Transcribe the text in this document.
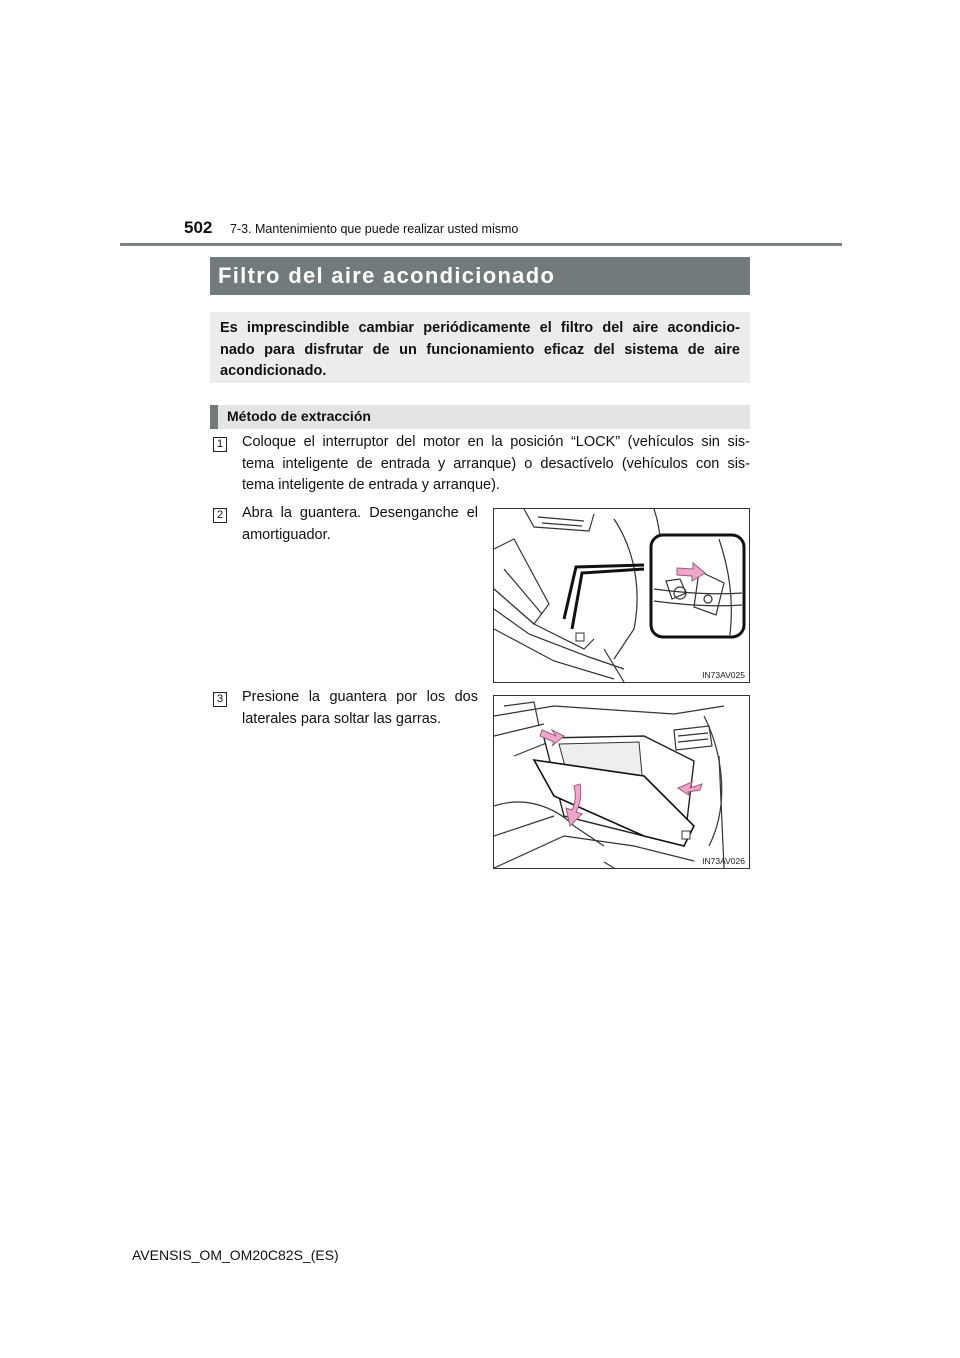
502 7-3. Mantenimiento que puede realizar usted mismo
Filtro del aire acondicionado

Es imprescindible cambiar periódicamente el filtro del aire acondicio-

nado para disfrutar de un funcionamiento eficaz del sistema de aire

acondicionado.

Método de extracción
1 Coloque el interruptor del motor en la posición “LOCK” (vehículos sin sis-

tema inteligente de entrada y arranque) o desactívelo (vehículos con sis-

tema inteligente de entrada y arranque).

2 Abra la guantera. Desenganche el

amortiguador.

IN73AV025
3 Presione la guantera por los dos

laterales para soltar las garras.

IN73AV026
AVENSIS_OM_OM20C82S_(ES)
